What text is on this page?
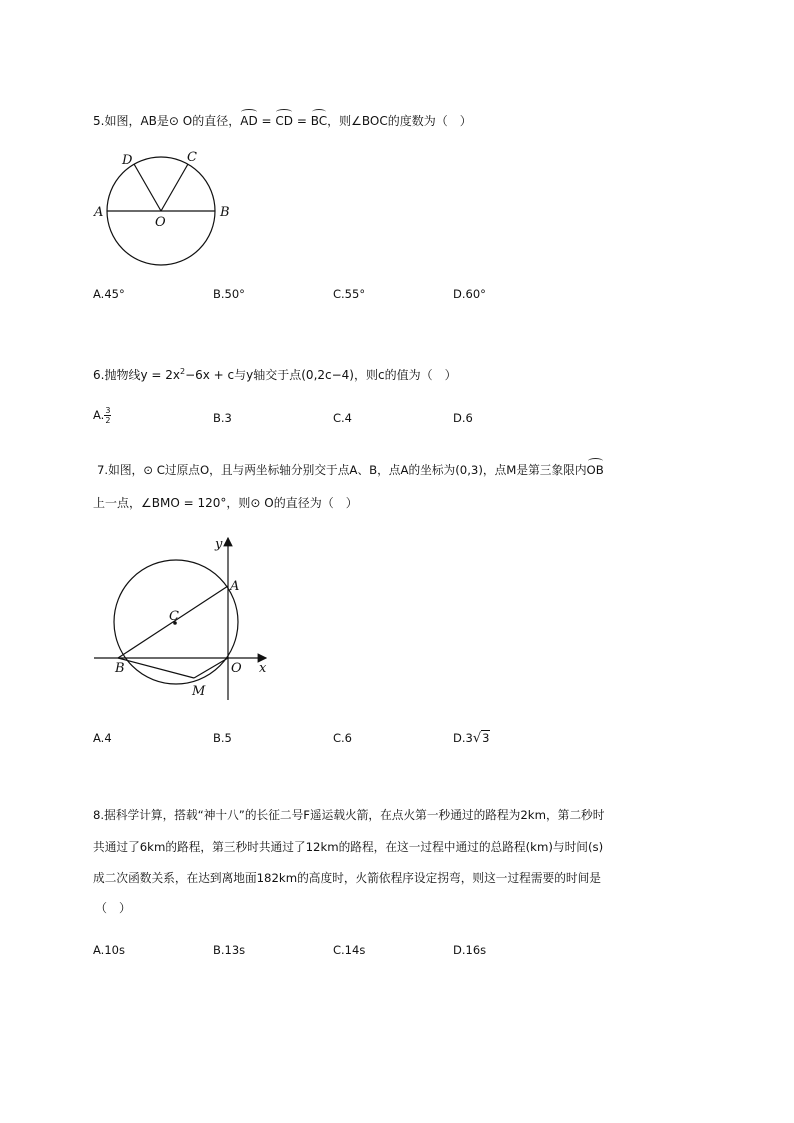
5.如图，AB是⊙ O的直径，AD = CD = BC，则∠BOC的度数为（　）
D	C
A	B
O
A.45°	B.50°	C.55°	D.60°
6.抛物线$y = 2x^2-6x + c$与y轴交于点(0,2c−4)，则c的值为（　）
A. $\frac{3}{2}$	B.3	C.4	D.6
7.如图，⊙ C过原点O，且与两坐标轴分别交于点A、B，点A的坐标为(0,3)，点M是第三象限内OB
上一点，∠BMO = 120°，则⊙ O的直径为（　）
y
x
A
C
B	O
M
A.4	B.5	C.6	D.3√3
8.据科学计算，搭载“神十八”的长征二号F遥运载火箭，在点火第一秒通过的路程为2km，第二秒时
共通过了6km的路程，第三秒时共通过了12km的路程，在这一过程中通过的总路程(km)与时间(s)
成二次函数关系，在达到离地面182km的高度时，火箭依程序设定拐弯，则这一过程需要的时间是
（　）
A.10s	B.13s	C.14s	D.16s
